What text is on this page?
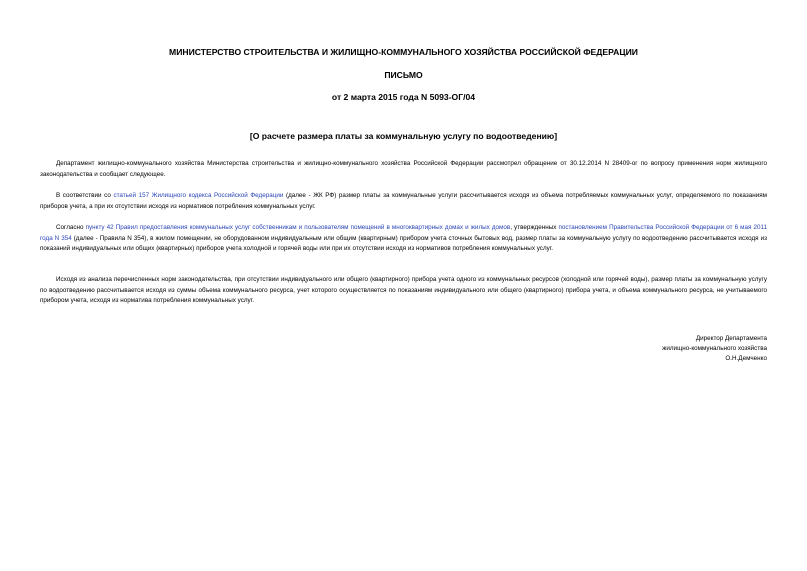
МИНИСТЕРСТВО СТРОИТЕЛЬСТВА И ЖИЛИЩНО-КОММУНАЛЬНОГО ХОЗЯЙСТВА РОССИЙСКОЙ ФЕДЕРАЦИИ
ПИСЬМО
от 2 марта 2015 года N 5093-ОГ/04
[О расчете размера платы за коммунальную услугу по водоотведению]

Департамент жилищно-коммунального хозяйства Министерства строительства и жилищно-коммунального хозяйства Российской Федерации рассмотрел обращение от 30.12.2014 N 28409-ог по вопросу применения норм жилищного законодательства и сообщает следующее.

В соответствии со статьей 157 Жилищного кодекса Российской Федерации (далее - ЖК РФ) размер платы за коммунальные услуги рассчитывается исходя из объема потребляемых коммунальных услуг, определяемого по показаниям приборов учета, а при их отсутствии исходя из нормативов потребления коммунальных услуг.

Согласно пункту 42 Правил предоставления коммунальных услуг собственникам и пользователям помещений в многоквартирных домах и жилых домов, утвержденных постановлением Правительства Российской Федерации от 6 мая 2011 года N 354 (далее - Правила N 354), в жилом помещении, не оборудованном индивидуальным или общим (квартирным) прибором учета сточных бытовых вод, размер платы за коммунальную услугу по водоотведению рассчитывается исходя из показаний индивидуальных или общих (квартирных) приборов учета холодной и горячей воды или при их отсутствии исходя из нормативов потребления коммунальных услуг.

Исходя из анализа перечисленных норм законодательства, при отсутствии индивидуального или общего (квартирного) прибора учета одного из коммунальных ресурсов (холодной или горячей воды), размер платы за коммунальную услугу по водоотведению рассчитывается исходя из суммы объема коммунального ресурса, учет которого осуществляется по показаниям индивидуального или общего (квартирного) прибора учета, и объема коммунального ресурса, не учитываемого прибором учета, исходя из норматива потребления коммунальных услуг.

Директор Департамента
жилищно-коммунального хозяйства
О.Н.Демченко
